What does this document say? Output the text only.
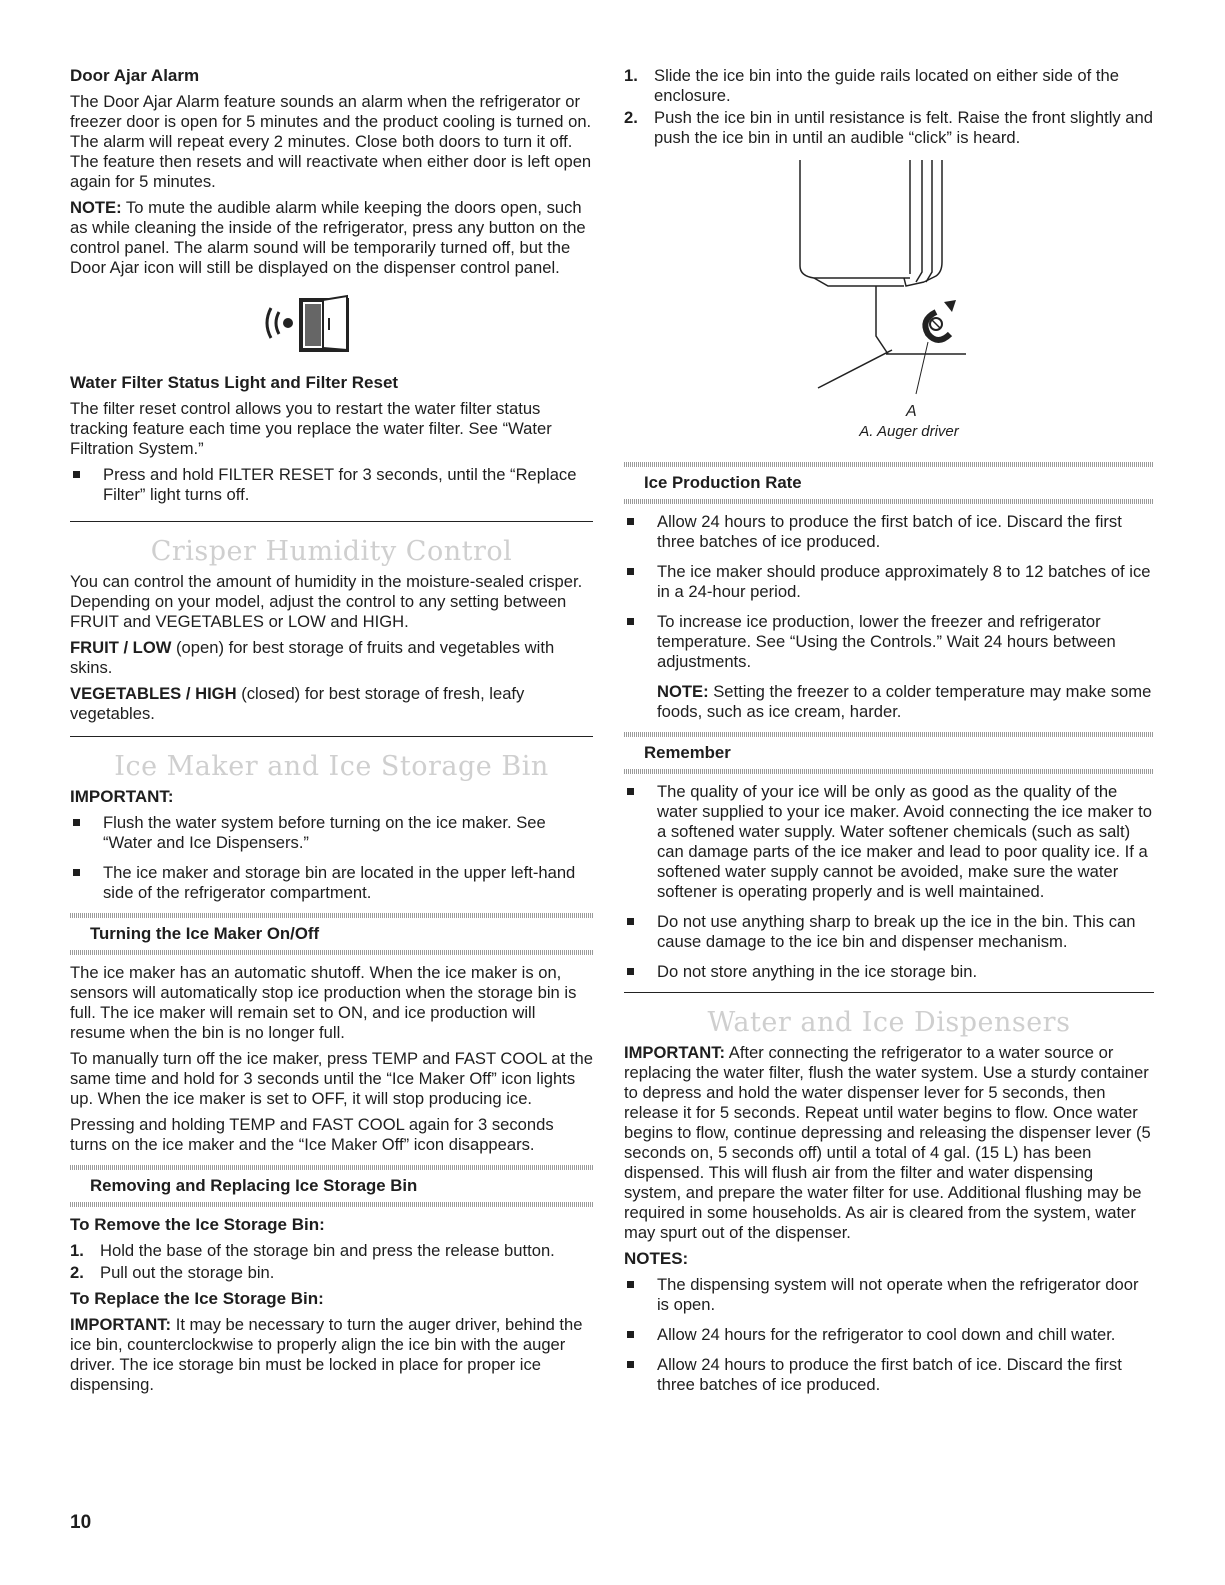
Door Ajar Alarm

The Door Ajar Alarm feature sounds an alarm when the refrigerator or freezer door is open for 5 minutes and the product cooling is turned on. The alarm will repeat every 2 minutes. Close both doors to turn it off. The feature then resets and will reactivate when either door is left open again for 5 minutes.

NOTE: To mute the audible alarm while keeping the doors open, such as while cleaning the inside of the refrigerator, press any button on the control panel. The alarm sound will be temporarily turned off, but the Door Ajar icon will still be displayed on the dispenser control panel.

Water Filter Status Light and Filter Reset

The filter reset control allows you to restart the water filter status tracking feature each time you replace the water filter. See “Water Filtration System.”

Press and hold FILTER RESET for 3 seconds, until the “Replace Filter” light turns off.
Crisper Humidity Control

You can control the amount of humidity in the moisture-sealed crisper. Depending on your model, adjust the control to any setting between FRUIT and VEGETABLES or LOW and HIGH.

FRUIT / LOW (open) for best storage of fruits and vegetables with skins.

VEGETABLES / HIGH (closed) for best storage of fresh, leafy vegetables.

Ice Maker and Ice Storage Bin
IMPORTANT:
Flush the water system before turning on the ice maker. See “Water and Ice Dispensers.”
The ice maker and storage bin are located in the upper left-hand side of the refrigerator compartment.
Turning the Ice Maker On/Off

The ice maker has an automatic shutoff. When the ice maker is on, sensors will automatically stop ice production when the storage bin is full. The ice maker will remain set to ON, and ice production will resume when the bin is no longer full.

To manually turn off the ice maker, press TEMP and FAST COOL at the same time and hold for 3 seconds until the “Ice Maker Off” icon lights up. When the ice maker is set to OFF, it will stop producing ice.

Pressing and holding TEMP and FAST COOL again for 3 seconds turns on the ice maker and the “Ice Maker Off” icon disappears.

Removing and Replacing Ice Storage Bin
To Remove the Ice Storage Bin:
1. Hold the base of the storage bin and press the release button.
2. Pull out the storage bin.
To Replace the Ice Storage Bin:

IMPORTANT: It may be necessary to turn the auger driver, behind the ice bin, counterclockwise to properly align the ice bin with the auger driver. The ice storage bin must be locked in place for proper ice dispensing.

1. Slide the ice bin into the guide rails located on either side of the enclosure.
2. Push the ice bin in until resistance is felt. Raise the front slightly and push the ice bin in until an audible “click” is heard.
A
A. Auger driver
Ice Production Rate
Allow 24 hours to produce the first batch of ice. Discard the first three batches of ice produced.
The ice maker should produce approximately 8 to 12 batches of ice in a 24-hour period.
To increase ice production, lower the freezer and refrigerator temperature. See “Using the Controls.” Wait 24 hours between adjustments.

NOTE: Setting the freezer to a colder temperature may make some foods, such as ice cream, harder.

Remember
The quality of your ice will be only as good as the quality of the water supplied to your ice maker. Avoid connecting the ice maker to a softened water supply. Water softener chemicals (such as salt) can damage parts of the ice maker and lead to poor quality ice. If a softened water supply cannot be avoided, make sure the water softener is operating properly and is well maintained.
Do not use anything sharp to break up the ice in the bin. This can cause damage to the ice bin and dispenser mechanism.
Do not store anything in the ice storage bin.
Water and Ice Dispensers

IMPORTANT: After connecting the refrigerator to a water source or replacing the water filter, flush the water system. Use a sturdy container to depress and hold the water dispenser lever for 5 seconds, then release it for 5 seconds. Repeat until water begins to flow. Once water begins to flow, continue depressing and releasing the dispenser lever (5 seconds on, 5 seconds off) until a total of 4 gal. (15 L) has been dispensed. This will flush air from the filter and water dispensing system, and prepare the water filter for use. Additional flushing may be required in some households. As air is cleared from the system, water may spurt out of the dispenser.

NOTES:
The dispensing system will not operate when the refrigerator door is open.
Allow 24 hours for the refrigerator to cool down and chill water.
Allow 24 hours to produce the first batch of ice. Discard the first three batches of ice produced.
10
